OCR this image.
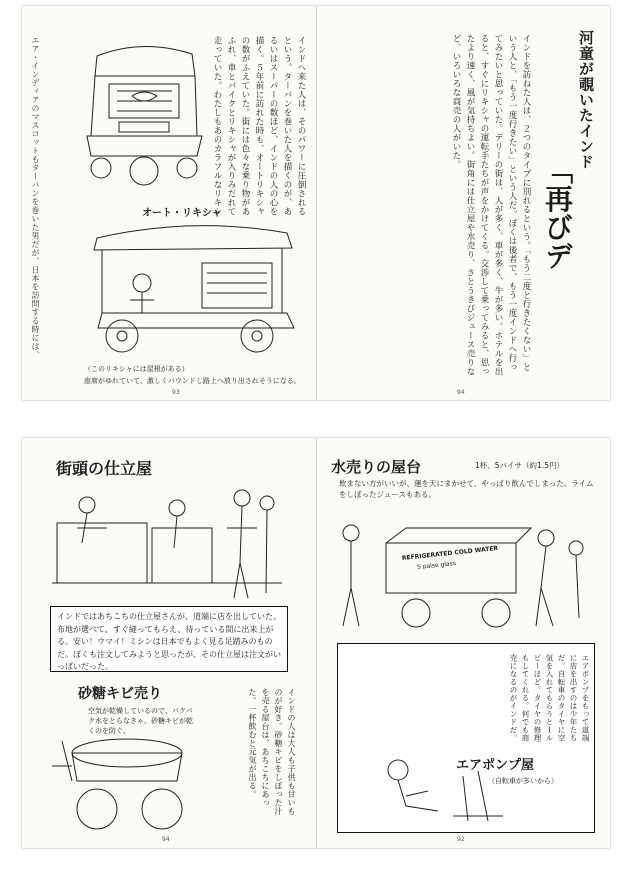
エア・インディアのマスコットもターバンを巻いた男だが、日本を訪問する時には、
オート・リキシャ
インドへ来た人は、そのパワーに圧倒されるという。ターバンを巻いた人を描くのが、あるいはスーパーの数ほど、インドの人の心を描く。５年前に訪れた時も、オートリキシャの数がふえていた。街には色々な乗り物があふれ、車とバイクとリキシャが入りみだれて走っていた。わたしもあのカラフルなリキシ
（このリキシャには屋根がある）
座席がゆれていて、激しくバウンドし路上へ放り出されそうになる。
93
インドを訪ねた人は、２つのタイプに別れるという。「もう二度と行きたくない」という人と、「もう一度行きたい」という人だ。ぼくは後者で、もう一度インドへ行ってみたいと思っていた。デリーの街は、人が多く、車が多く、牛が多い。ホテルを出ると、すぐにリキシャの運転手たちが声をかけてくる。交渉して乗ってみると、思ったより速く、風が気持ちよい。街角には仕立屋や水売り、さとうきびジュース売りなど、いろいろな商売の人がいた。	河童が覗いたインド
「再びデ
94
街頭の仕立屋
インドではあちこちの仕立屋さんが、道端に店を出していた。布地が選べて、すぐ縫ってもらえ、待っている間に出来上がる。安い！ウマイ！ミシンは日本でもよく見る足踏みのものだ。ぼくも注文してみようと思ったが、その仕立屋は注文がいっぱいだった。
砂糖キビ売り
空気が乾燥しているので、パクパク水をとらなきゃ。砂糖キビが乾くのを防ぐ。	インドの人は大人も子供も甘いものが好き。砂糖キビをしぼった汁を売る屋台は、あちこちにあった。一杯飲むと元気が出る。
94
水売りの屋台	1杯、5パイサ（約1.5円）
飲まない方がいいが、運を天にまかせて、やっぱり飲んでしまった。ライムをしぼったジュースもある。
REFRIGERATED COLD WATER
5 paise glass
エアポンプをもって道端に店を出すのは少年たちだ。自転車のタイヤに空気を入れてもらうと１ルピーほど。タイヤの修理もしてくれる。何でも商売になるのがインドだ。
エアポンプ屋
（自転車が多いから）
92
